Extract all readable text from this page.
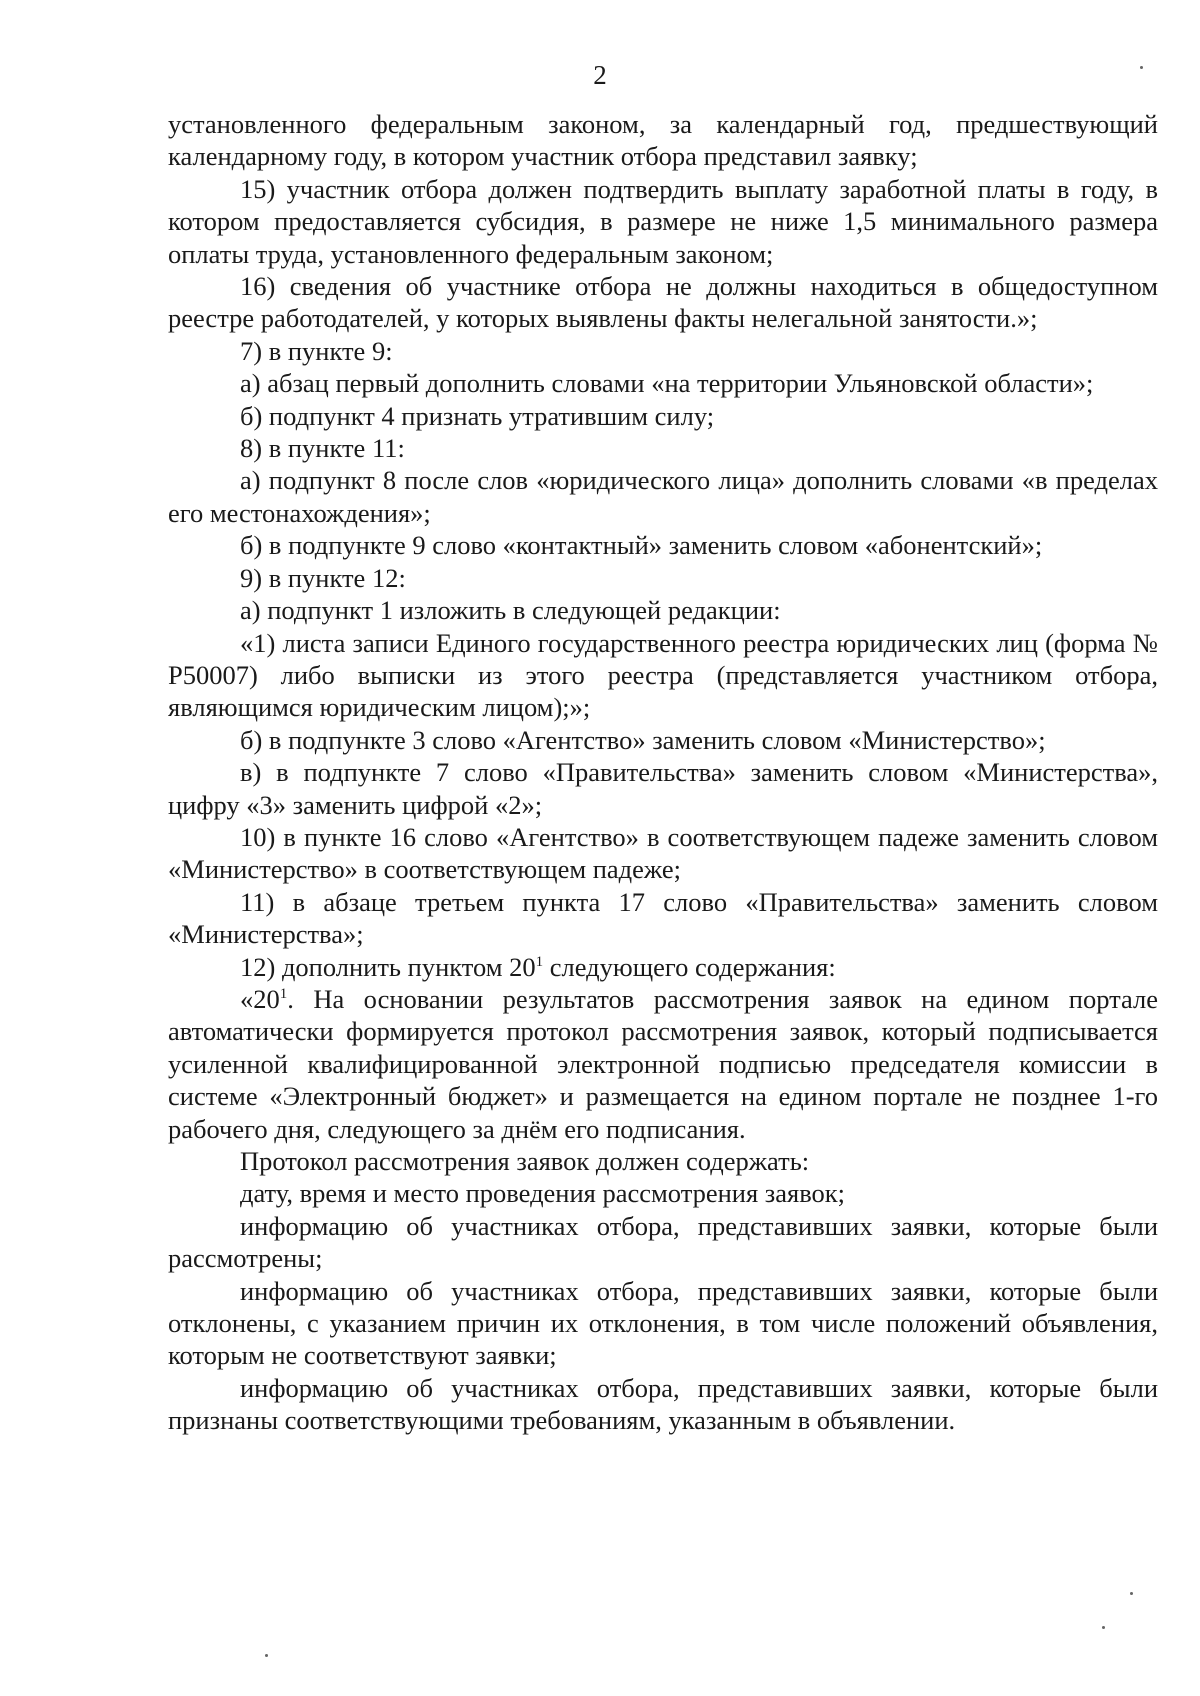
2

установленного федеральным законом, за календарный год, предшествующий календарному году, в котором участник отбора представил заявку;

15) участник отбора должен подтвердить выплату заработной платы в году, в котором предоставляется субсидия, в размере не ниже 1,5 минимального размера оплаты труда, установленного федеральным законом;

16) сведения об участнике отбора не должны находиться в общедоступном реестре работодателей, у которых выявлены факты нелегальной занятости.»;

7) в пункте 9:

а) абзац первый дополнить словами «на территории Ульяновской области»;

б) подпункт 4 признать утратившим силу;

8) в пункте 11:

а) подпункт 8 после слов «юридического лица» дополнить словами «в пределах его местонахождения»;

б) в подпункте 9 слово «контактный» заменить словом «абонентский»;

9) в пункте 12:

а) подпункт 1 изложить в следующей редакции:

«1) листа записи Единого государственного реестра юридических лиц (форма № Р50007) либо выписки из этого реестра (представляется участником отбора, являющимся юридическим лицом);»;

б) в подпункте 3 слово «Агентство» заменить словом «Министерство»;

в) в подпункте 7 слово «Правительства» заменить словом «Министерства», цифру «3» заменить цифрой «2»;

10) в пункте 16 слово «Агентство» в соответствующем падеже заменить словом «Министерство» в соответствующем падеже;

11) в абзаце третьем пункта 17 слово «Правительства» заменить словом «Министерства»;

12) дополнить пунктом $20^1$ следующего содержания:

«$20^1$. На основании результатов рассмотрения заявок на едином портале автоматически формируется протокол рассмотрения заявок, который подписывается усиленной квалифицированной электронной подписью председателя комиссии в системе «Электронный бюджет» и размещается на едином портале не позднее 1-го рабочего дня, следующего за днём его подписания.

Протокол рассмотрения заявок должен содержать:

дату, время и место проведения рассмотрения заявок;

информацию об участниках отбора, представивших заявки, которые были рассмотрены;

информацию об участниках отбора, представивших заявки, которые были отклонены, с указанием причин их отклонения, в том числе положений объявления, которым не соответствуют заявки;

информацию об участниках отбора, представивших заявки, которые были признаны соответствующими требованиям, указанным в объявлении.
